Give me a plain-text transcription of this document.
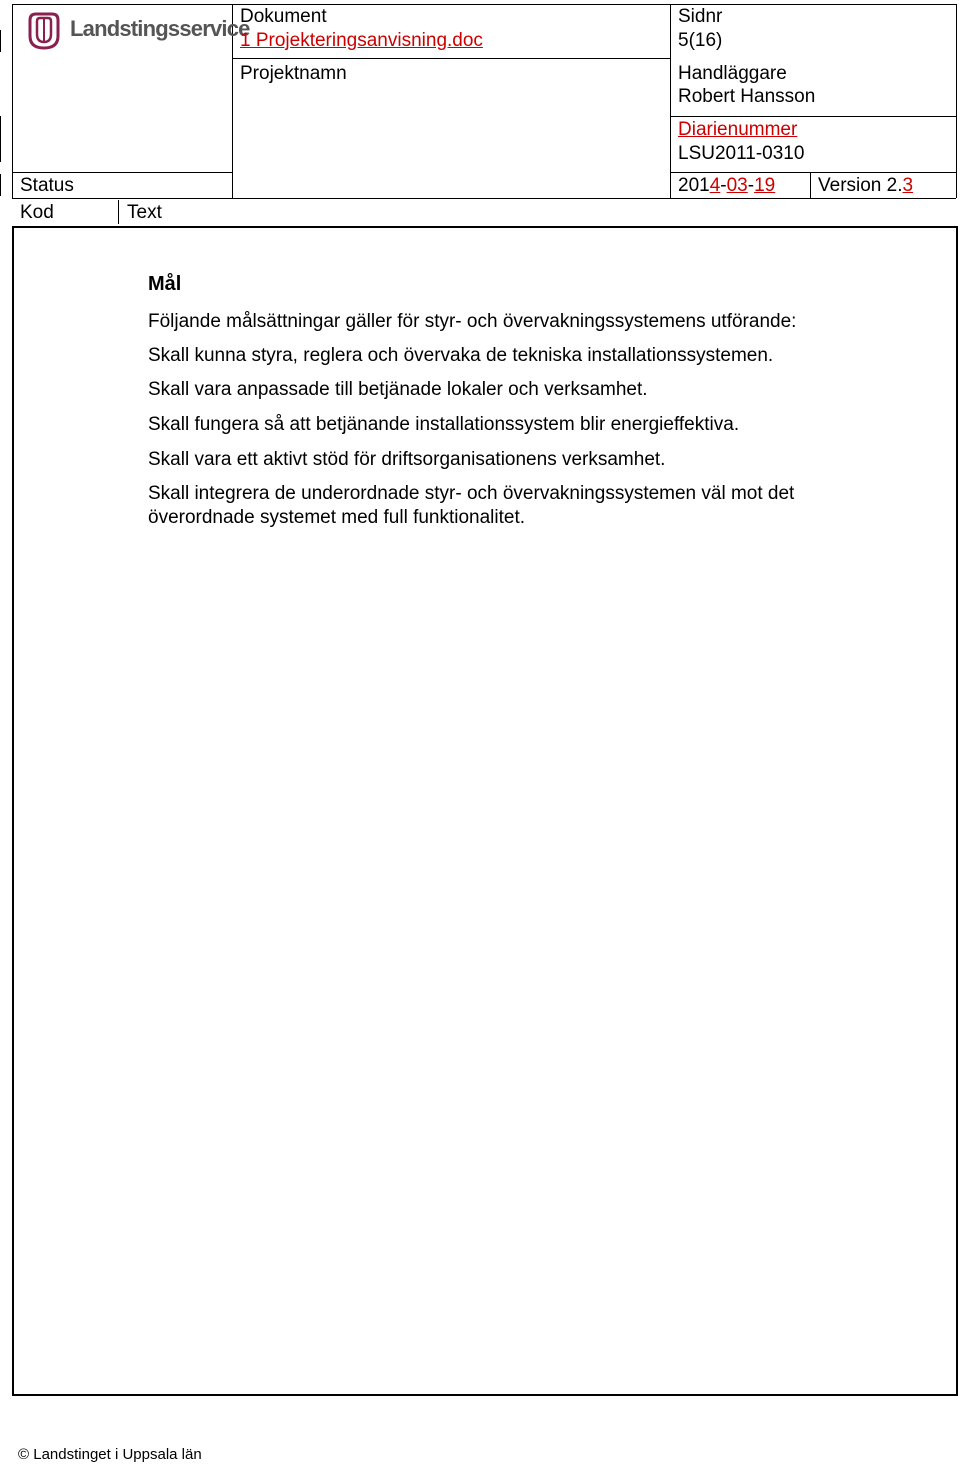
Landstingsservice
Dokument
1 Projekteringsanvisning.doc
Projektnamn
Sidnr
5(16)
Handläggare
Robert Hansson
Diarienummer
LSU2011-0310
Status	2014-03-19 Version 2.3
Kod	Text
Mål
Följande målsättningar gäller för styr- och övervakningssystemens utförande:
Skall kunna styra, reglera och övervaka de tekniska installationssystemen.
Skall vara anpassade till betjänade lokaler och verksamhet.
Skall fungera så att betjänande installationssystem blir energieffektiva.
Skall vara ett aktivt stöd för driftsorganisationens verksamhet.
Skall integrera de underordnade styr- och övervakningssystemen väl mot det
överordnade systemet med full funktionalitet.
© Landstinget i Uppsala län
